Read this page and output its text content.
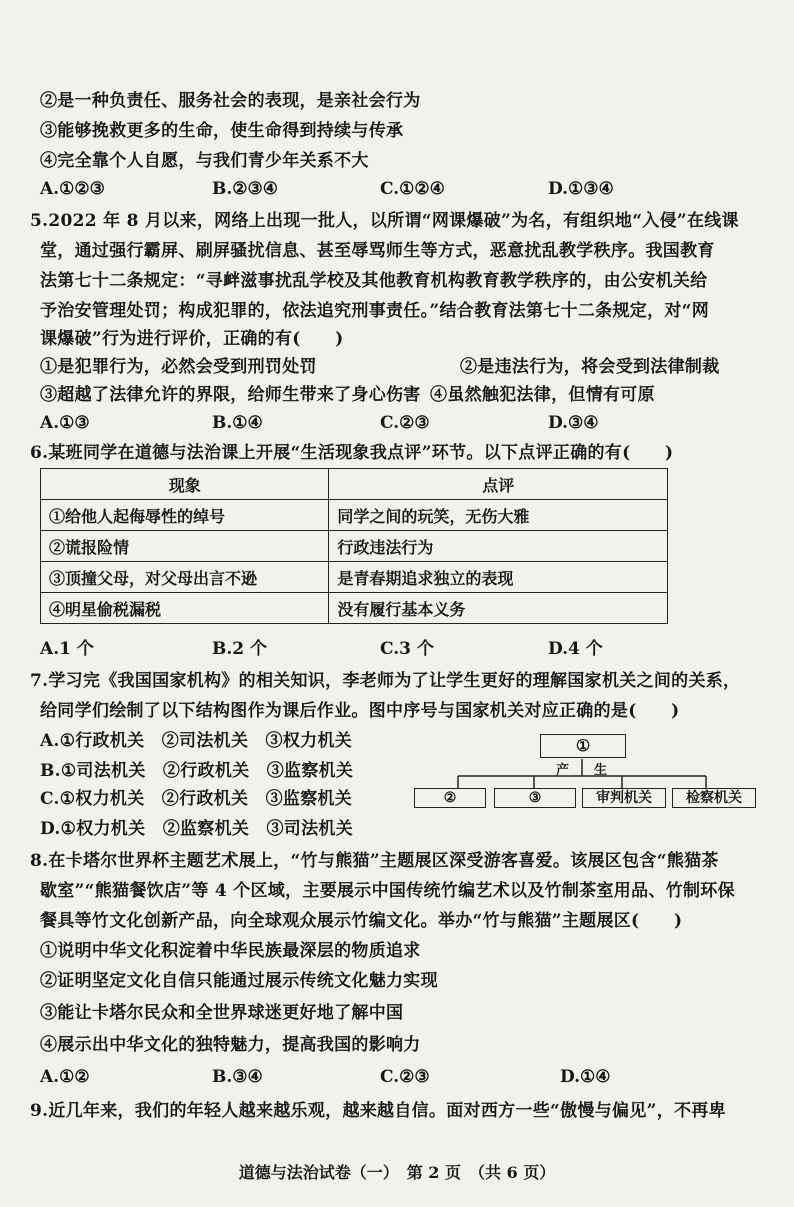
②是一种负责任、服务社会的表现，是亲社会行为
③能够挽救更多的生命，使生命得到持续与传承
④完全靠个人自愿，与我们青少年关系不大
A.①②③	B.②③④	C.①②④	D.①③④
5.2022 年 8 月以来，网络上出现一批人，以所谓“网课爆破”为名，有组织地“入侵”在线课
堂，通过强行霸屏、刷屏骚扰信息、甚至辱骂师生等方式，恶意扰乱教学秩序。我国教育
法第七十二条规定：“寻衅滋事扰乱学校及其他教育机构教育教学秩序的，由公安机关给
予治安管理处罚；构成犯罪的，依法追究刑事责任。”结合教育法第七十二条规定，对“网
课爆破”行为进行评价，正确的有(　　)
①是犯罪行为，必然会受到刑罚处罚	②是违法行为，将会受到法律制裁
③超越了法律允许的界限，给师生带来了身心伤害 ④虽然触犯法律，但情有可原
A.①③	B.①④	C.②③	D.③④
6.某班同学在道德与法治课上开展“生活现象我点评”环节。以下点评正确的有(　　)
现象	点评
①给他人起侮辱性的绰号	同学之间的玩笑，无伤大雅
②谎报险情	行政违法行为
③顶撞父母，对父母出言不逊	是青春期追求独立的表现
④明星偷税漏税	没有履行基本义务
A.1 个	B.2 个	C.3 个	D.4 个
7.学习完《我国国家机构》的相关知识，李老师为了让学生更好的理解国家机关之间的关系，
给同学们绘制了以下结构图作为课后作业。图中序号与国家机关对应正确的是(　　)
A.①行政机关　②司法机关　③权力机关
B.①司法机关　②行政机关　③监察机关
C.①权力机关　②行政机关　③监察机关
D.①权力机关　②监察机关　③司法机关
①
产 生
②	③	审判机关	检察机关
8.在卡塔尔世界杯主题艺术展上，“竹与熊猫”主题展区深受游客喜爱。该展区包含“熊猫茶
歇室”“熊猫餐饮店”等 4 个区域，主要展示中国传统竹编艺术以及竹制茶室用品、竹制环保
餐具等竹文化创新产品，向全球观众展示竹编文化。举办“竹与熊猫”主题展区(　　)
①说明中华文化积淀着中华民族最深层的物质追求
②证明坚定文化自信只能通过展示传统文化魅力实现
③能让卡塔尔民众和全世界球迷更好地了解中国
④展示出中华文化的独特魅力，提高我国的影响力
A.①②	B.③④	C.②③	D.①④
9.近几年来，我们的年轻人越来越乐观，越来越自信。面对西方一些“傲慢与偏见”，不再卑
道德与法治试卷（一）　第 2 页　（共 6 页）
